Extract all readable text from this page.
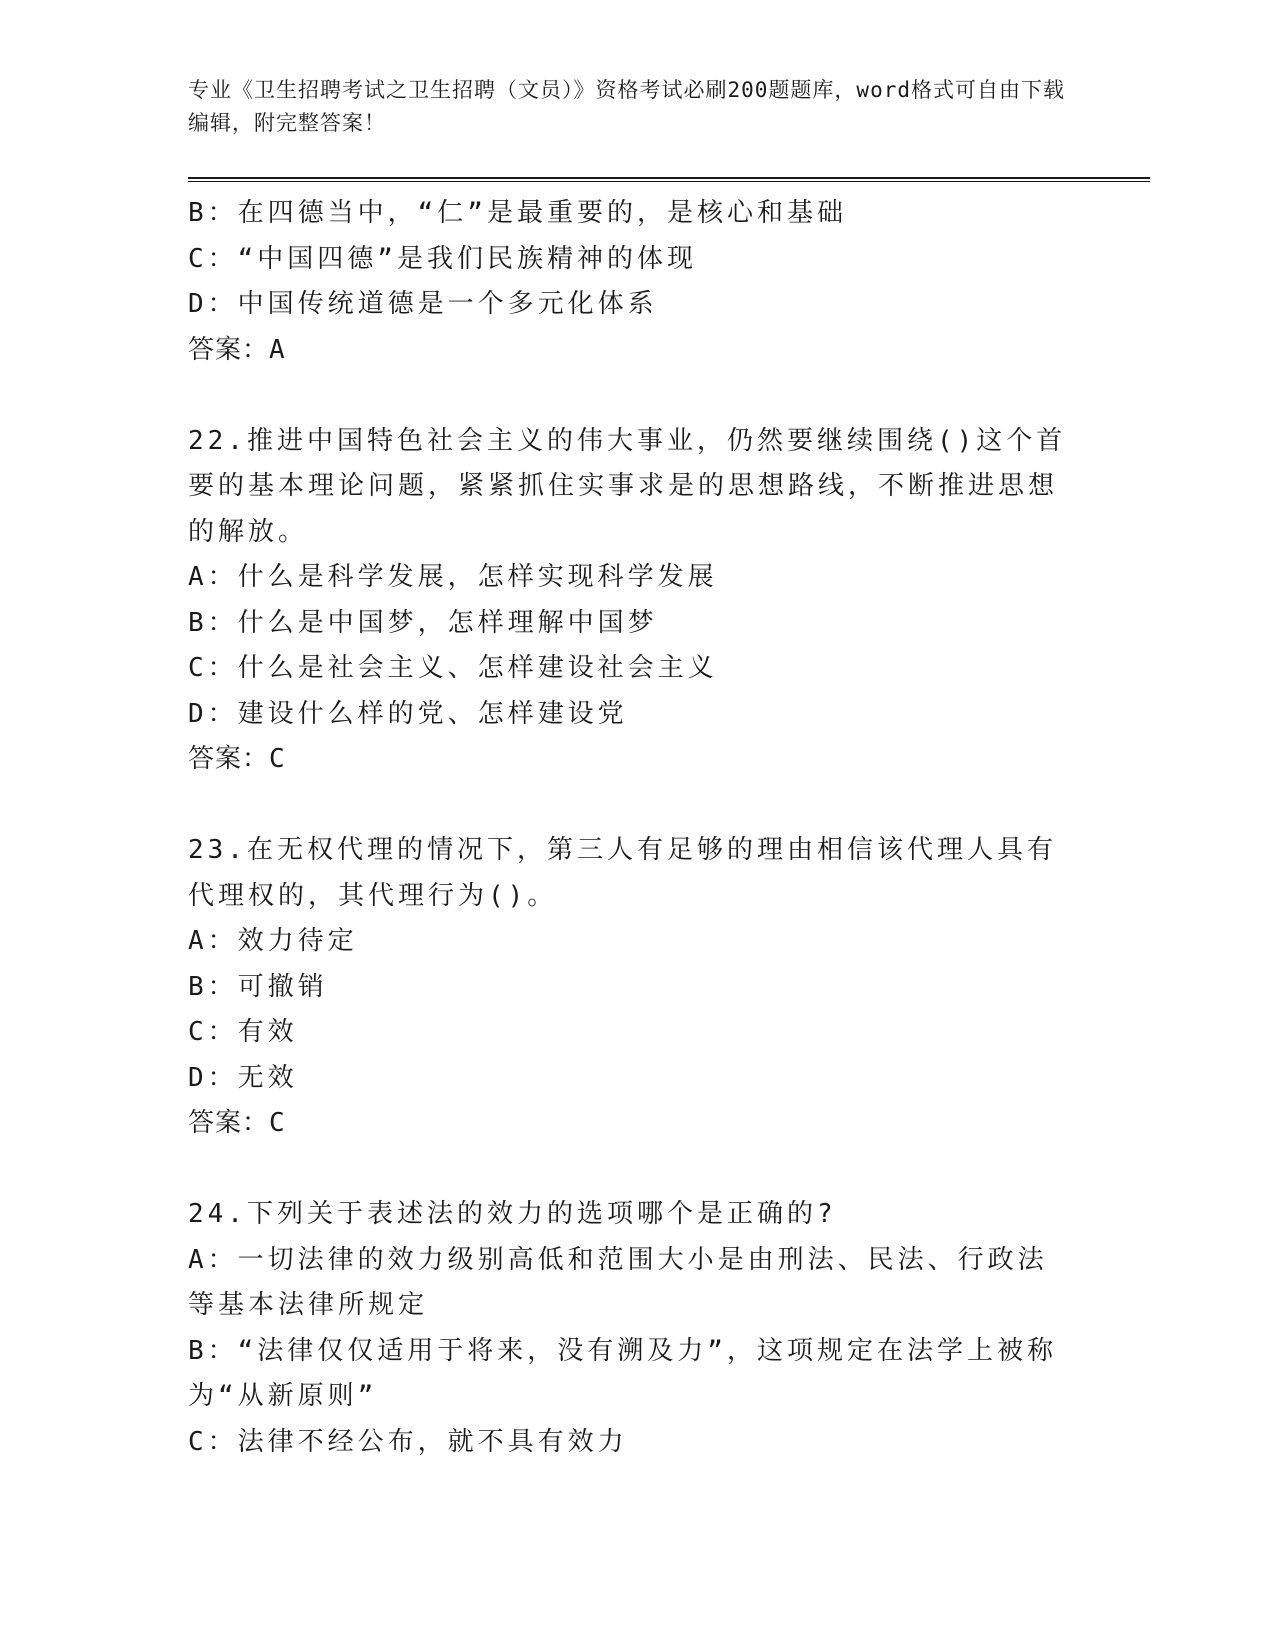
专业《卫生招聘考试之卫生招聘（文员）》资格考试必刷200题题库，word格式可自由下载编辑，附完整答案！

B：在四德当中，“仁”是最重要的，是核心和基础

C：“中国四德”是我们民族精神的体现

D：中国传统道德是一个多元化体系

答案：A

22.推进中国特色社会主义的伟大事业，仍然要继续围绕()这个首要的基本理论问题，紧紧抓住实事求是的思想路线，不断推进思想的解放。

A：什么是科学发展，怎样实现科学发展

B：什么是中国梦，怎样理解中国梦

C：什么是社会主义、怎样建设社会主义

D：建设什么样的党、怎样建设党

答案：C

23.在无权代理的情况下，第三人有足够的理由相信该代理人具有代理权的，其代理行为()。

A：效力待定

B：可撤销

C：有效

D：无效

答案：C

24.下列关于表述法的效力的选项哪个是正确的?

A：一切法律的效力级别高低和范围大小是由刑法、民法、行政法等基本法律所规定

B：“法律仅仅适用于将来，没有溯及力”，这项规定在法学上被称为“从新原则”

C：法律不经公布，就不具有效力
